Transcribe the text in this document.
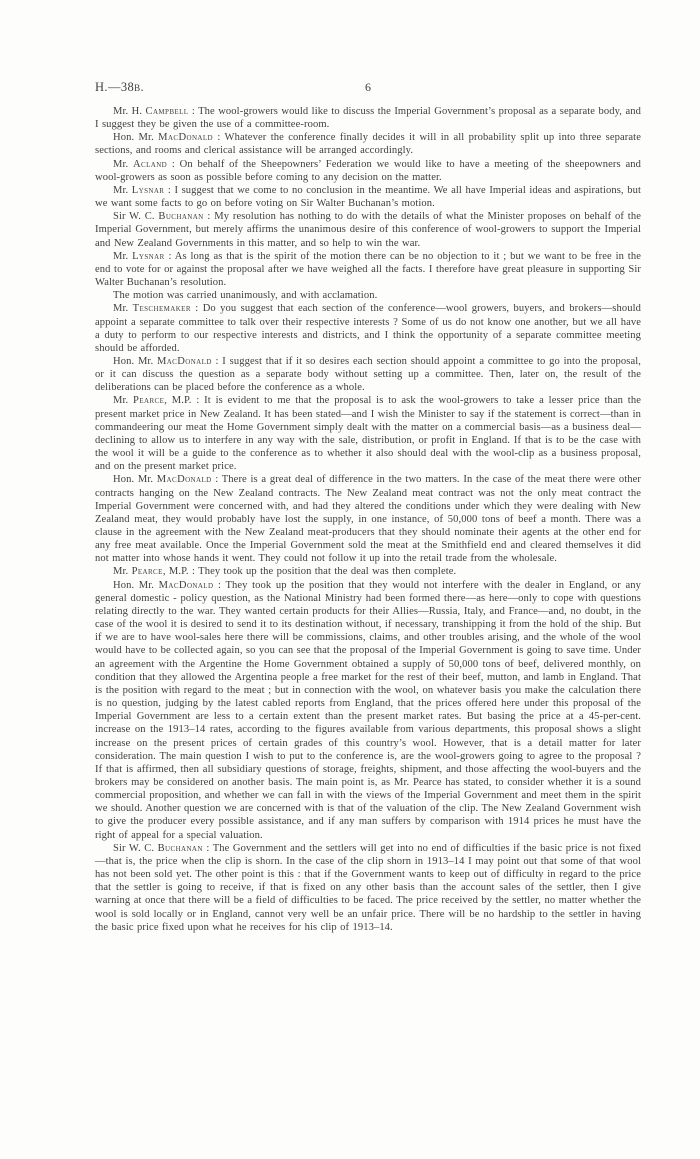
H.—38b.	6

Mr. H. Campbell : The wool-growers would like to discuss the Imperial Government’s proposal as a separate body, and I suggest they be given the use of a committee-room.

Hon. Mr. MacDonald : Whatever the conference finally decides it will in all probability split up into three separate sections, and rooms and clerical assistance will be arranged accordingly.

Mr. Acland : On behalf of the Sheepowners’ Federation we would like to have a meeting of the sheepowners and wool-growers as soon as possible before coming to any decision on the matter.

Mr. Lysnar : I suggest that we come to no conclusion in the meantime. We all have Imperial ideas and aspirations, but we want some facts to go on before voting on Sir Walter Buchanan’s motion.

Sir W. C. Buchanan : My resolution has nothing to do with the details of what the Minister proposes on behalf of the Imperial Government, but merely affirms the unanimous desire of this conference of wool-growers to support the Imperial and New Zealand Governments in this matter, and so help to win the war.

Mr. Lysnar : As long as that is the spirit of the motion there can be no objection to it ; but we want to be free in the end to vote for or against the proposal after we have weighed all the facts. I therefore have great pleasure in supporting Sir Walter Buchanan’s resolution.

The motion was carried unanimously, and with acclamation.

Mr. Teschemaker : Do you suggest that each section of the conference—wool growers, buyers, and brokers—should appoint a separate committee to talk over their respective interests ? Some of us do not know one another, but we all have a duty to perform to our respective interests and districts, and I think the opportunity of a separate committee meeting should be afforded.

Hon. Mr. MacDonald : I suggest that if it so desires each section should appoint a committee to go into the proposal, or it can discuss the question as a separate body without setting up a committee. Then, later on, the result of the deliberations can be placed before the conference as a whole.

Mr. Pearce, M.P. : It is evident to me that the proposal is to ask the wool-growers to take a lesser price than the present market price in New Zealand. It has been stated—and I wish the Minister to say if the statement is correct—than in commandeering our meat the Home Government simply dealt with the matter on a commercial basis—as a business deal—declining to allow us to interfere in any way with the sale, distribution, or profit in England. If that is to be the case with the wool it will be a guide to the conference as to whether it also should deal with the wool-clip as a business proposal, and on the present market price.

Hon. Mr. MacDonald : There is a great deal of difference in the two matters. In the case of the meat there were other contracts hanging on the New Zealand contracts. The New Zealand meat contract was not the only meat contract the Imperial Government were concerned with, and had they altered the conditions under which they were dealing with New Zealand meat, they would probably have lost the supply, in one instance, of 50,000 tons of beef a month. There was a clause in the agreement with the New Zealand meat-producers that they should nominate their agents at the other end for any free meat available. Once the Imperial Government sold the meat at the Smithfield end and cleared themselves it did not matter into whose hands it went. They could not follow it up into the retail trade from the wholesale.

Mr. Pearce, M.P. : They took up the position that the deal was then complete.

Hon. Mr. MacDonald : They took up the position that they would not interfere with the dealer in England, or any general domestic - policy question, as the National Ministry had been formed there—as here—only to cope with questions relating directly to the war. They wanted certain products for their Allies—Russia, Italy, and France—and, no doubt, in the case of the wool it is desired to send it to its destination without, if necessary, transhipping it from the hold of the ship. But if we are to have wool-sales here there will be commissions, claims, and other troubles arising, and the whole of the wool would have to be collected again, so you can see that the proposal of the Imperial Government is going to save time. Under an agreement with the Argentine the Home Government obtained a supply of 50,000 tons of beef, delivered monthly, on condition that they allowed the Argentina people a free market for the rest of their beef, mutton, and lamb in England. That is the position with regard to the meat ; but in connection with the wool, on whatever basis you make the calculation there is no question, judging by the latest cabled reports from England, that the prices offered here under this proposal of the Imperial Government are less to a certain extent than the present market rates. But basing the price at a 45-per-cent. increase on the 1913–14 rates, according to the figures available from various departments, this proposal shows a slight increase on the present prices of certain grades of this country’s wool. However, that is a detail matter for later consideration. The main question I wish to put to the conference is, are the wool-growers going to agree to the proposal ? If that is affirmed, then all subsidiary questions of storage, freights, shipment, and those affecting the wool-buyers and the brokers may be considered on another basis. The main point is, as Mr. Pearce has stated, to consider whether it is a sound commercial proposition, and whether we can fall in with the views of the Imperial Government and meet them in the spirit we should. Another question we are concerned with is that of the valuation of the clip. The New Zealand Government wish to give the producer every possible assistance, and if any man suffers by comparison with 1914 prices he must have the right of appeal for a special valuation.

Sir W. C. Buchanan : The Government and the settlers will get into no end of difficulties if the basic price is not fixed—that is, the price when the clip is shorn. In the case of the clip shorn in 1913–14 I may point out that some of that wool has not been sold yet. The other point is this : that if the Government wants to keep out of difficulty in regard to the price that the settler is going to receive, if that is fixed on any other basis than the account sales of the settler, then I give warning at once that there will be a field of difficulties to be faced. The price received by the settler, no matter whether the wool is sold locally or in England, cannot very well be an unfair price. There will be no hardship to the settler in having the basic price fixed upon what he receives for his clip of 1913–14.
